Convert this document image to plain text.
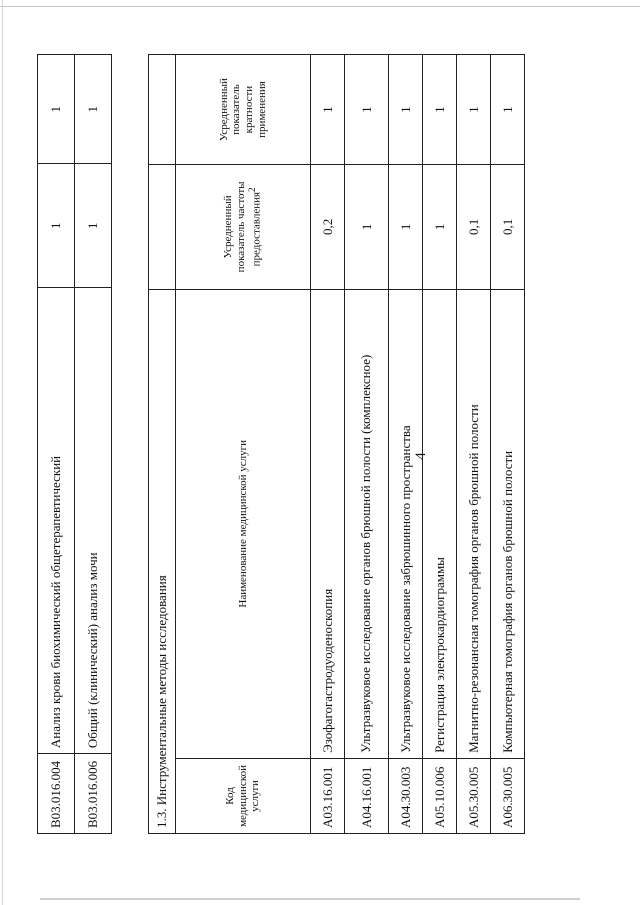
4
B03.016.004	Анализ крови биохимический общетерапевтический	1	1
B03.016.006	Общий (клинический) анализ мочи	1	1
1.3. Инструментальные методы исследования			
Код медицинской услуги	Наименование медицинской услуги	Усредненный показатель частоты предоставления$^2$	Усредненный показатель кратности применения
A03.16.001	Эзофагогастродуоденоскопия	0,2	1
A04.16.001	Ультразвуковое исследование органов брюшной полости (комплексное)	1	1
A04.30.003	Ультразвуковое исследование забрюшинного пространства	1	1
A05.10.006	Регистрация электрокардиограммы	1	1
A05.30.005	Магнитно-резонансная томография органов брюшной полости	0,1	1
A06.30.005	Компьютерная томография органов брюшной полости	0,1	1
